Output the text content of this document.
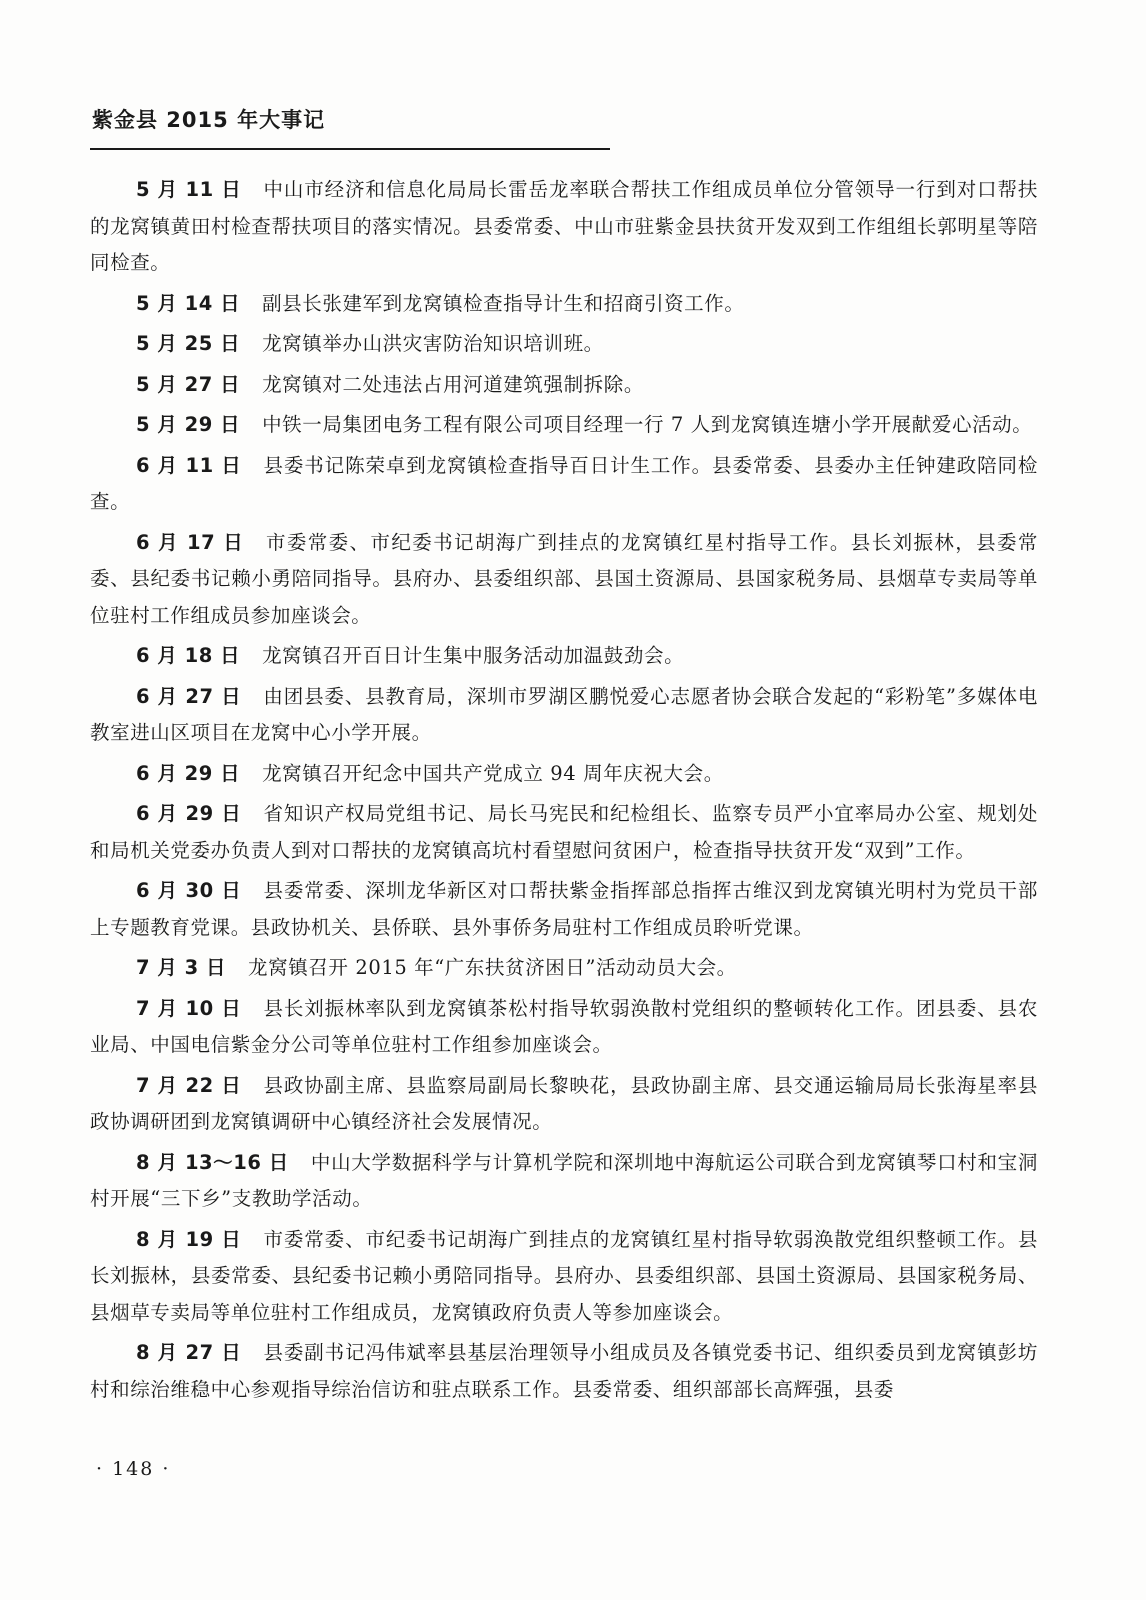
紫金县 2015 年大事记

5 月 11 日 中山市经济和信息化局局长雷岳龙率联合帮扶工作组成员单位分管领导一行到对口帮扶的龙窝镇黄田村检查帮扶项目的落实情况。县委常委、中山市驻紫金县扶贫开发双到工作组组长郭明星等陪同检查。

5 月 14 日 副县长张建军到龙窝镇检查指导计生和招商引资工作。

5 月 25 日 龙窝镇举办山洪灾害防治知识培训班。

5 月 27 日 龙窝镇对二处违法占用河道建筑强制拆除。

5 月 29 日 中铁一局集团电务工程有限公司项目经理一行 7 人到龙窝镇连塘小学开展献爱心活动。

6 月 11 日 县委书记陈荣卓到龙窝镇检查指导百日计生工作。县委常委、县委办主任钟建政陪同检查。

6 月 17 日 市委常委、市纪委书记胡海广到挂点的龙窝镇红星村指导工作。县长刘振林，县委常委、县纪委书记赖小勇陪同指导。县府办、县委组织部、县国土资源局、县国家税务局、县烟草专卖局等单位驻村工作组成员参加座谈会。

6 月 18 日 龙窝镇召开百日计生集中服务活动加温鼓劲会。

6 月 27 日 由团县委、县教育局，深圳市罗湖区鹏悦爱心志愿者协会联合发起的“彩粉笔”多媒体电教室进山区项目在龙窝中心小学开展。

6 月 29 日 龙窝镇召开纪念中国共产党成立 94 周年庆祝大会。

6 月 29 日 省知识产权局党组书记、局长马宪民和纪检组长、监察专员严小宜率局办公室、规划处和局机关党委办负责人到对口帮扶的龙窝镇高坑村看望慰问贫困户，检查指导扶贫开发“双到”工作。

6 月 30 日 县委常委、深圳龙华新区对口帮扶紫金指挥部总指挥古维汉到龙窝镇光明村为党员干部上专题教育党课。县政协机关、县侨联、县外事侨务局驻村工作组成员聆听党课。

7 月 3 日 龙窝镇召开 2015 年“广东扶贫济困日”活动动员大会。

7 月 10 日 县长刘振林率队到龙窝镇茶松村指导软弱涣散村党组织的整顿转化工作。团县委、县农业局、中国电信紫金分公司等单位驻村工作组参加座谈会。

7 月 22 日 县政协副主席、县监察局副局长黎映花，县政协副主席、县交通运输局局长张海星率县政协调研团到龙窝镇调研中心镇经济社会发展情况。

8 月 13～16 日 中山大学数据科学与计算机学院和深圳地中海航运公司联合到龙窝镇琴口村和宝洞村开展“三下乡”支教助学活动。

8 月 19 日 市委常委、市纪委书记胡海广到挂点的龙窝镇红星村指导软弱涣散党组织整顿工作。县长刘振林，县委常委、县纪委书记赖小勇陪同指导。县府办、县委组织部、县国土资源局、县国家税务局、县烟草专卖局等单位驻村工作组成员，龙窝镇政府负责人等参加座谈会。

8 月 27 日 县委副书记冯伟斌率县基层治理领导小组成员及各镇党委书记、组织委员到龙窝镇彭坊村和综治维稳中心参观指导综治信访和驻点联系工作。县委常委、组织部部长高辉强，县委

· 148 ·
